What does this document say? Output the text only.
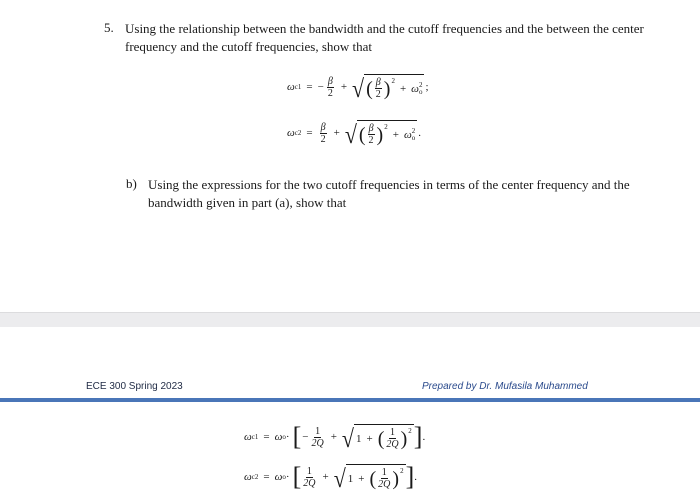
5. Using the relationship between the bandwidth and the cutoff frequencies and the between the center frequency and the cutoff frequencies, show that
ω c1 = − $\frac{\beta}{2}$ + √ ( $\frac{\beta}{2}$ ) 2
+ ω 2
o ;
ω $c2 = \frac{\beta}{2}$ + √ ( $\frac{\beta}{2}$ ) 2
+ ω 2
o .
b) Using the expressions for the two cutoff frequencies in terms of the center frequency and the bandwidth given in part (a), show that
ECE 300 Spring 2023	Prepared by Dr. Mufasila Muhammed
ω c1 = ω o · [ − $\frac{1}{2Q}$ + √ 1 + ( $\frac{1}{2Q}$ ) 2 ] .
ω c2 = ω o · [ $\frac{1}{2Q}$ + √ 1 + ( $\frac{1}{2Q}$ ) 2 ] .
